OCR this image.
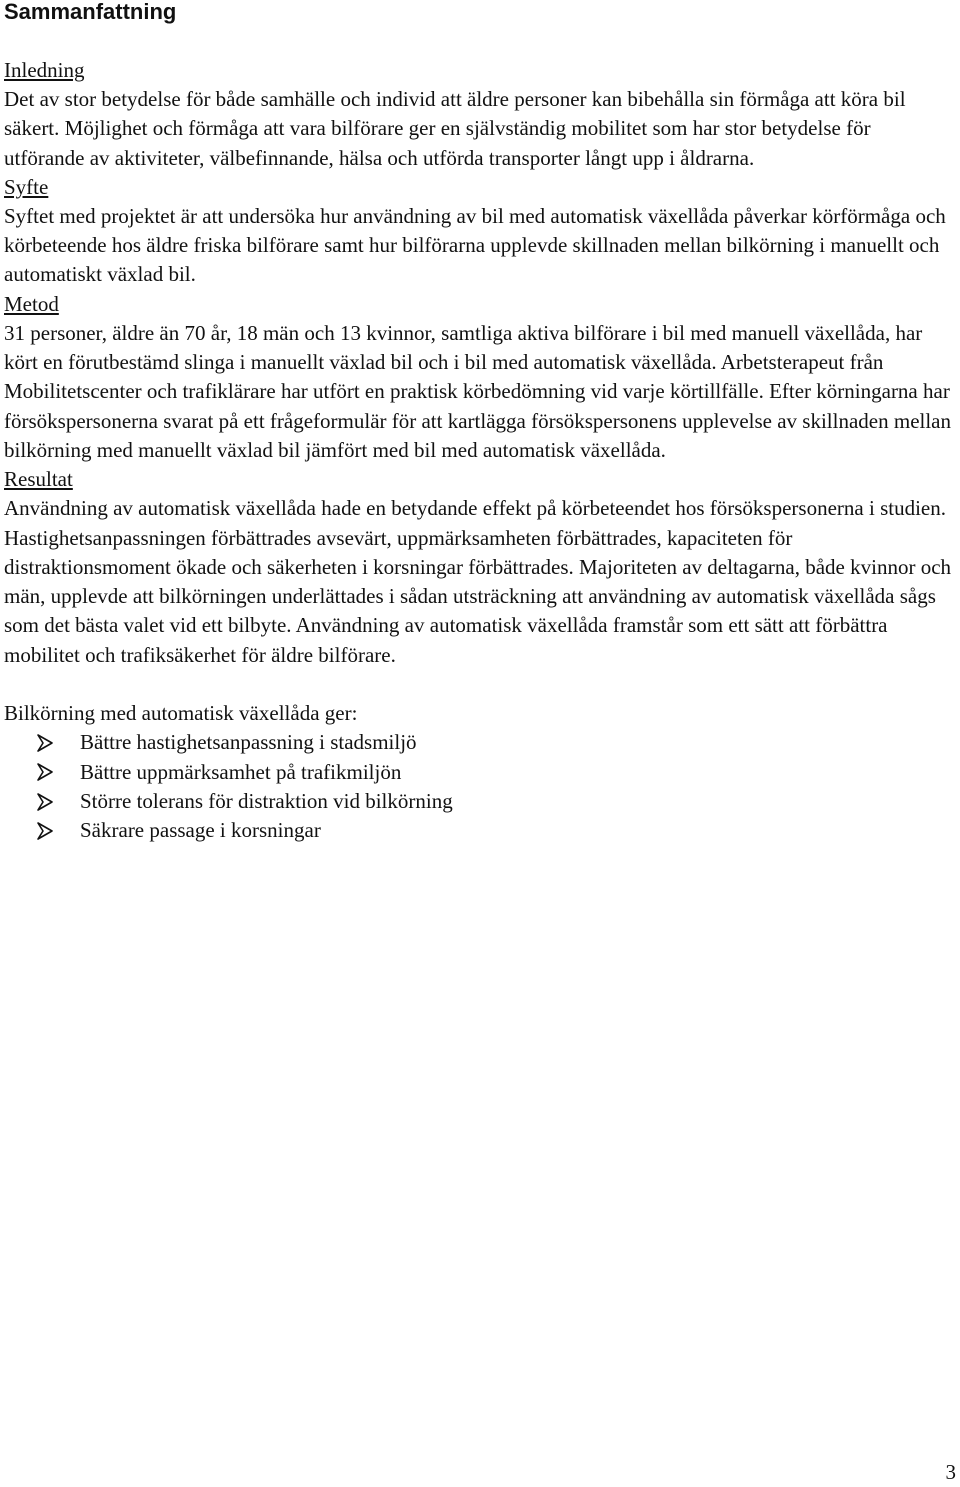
Sammanfattning
Inledning

Det av stor betydelse för både samhälle och individ att äldre personer kan bibehålla sin förmåga att köra bil säkert. Möjlighet och förmåga att vara bilförare ger en självständig mobilitet som har stor betydelse för utförande av aktiviteter, välbefinnande, hälsa och utförda transporter långt upp i åldrarna.

Syfte

Syftet med projektet är att undersöka hur användning av bil med automatisk växellåda påverkar körförmåga och körbeteende hos äldre friska bilförare samt hur bilförarna upplevde skillnaden mellan bilkörning i manuellt och automatiskt växlad bil.

Metod

31 personer, äldre än 70 år, 18 män och 13 kvinnor, samtliga aktiva bilförare i bil med manuell växellåda, har kört en förutbestämd slinga i manuellt växlad bil och i bil med automatisk växellåda. Arbetsterapeut från Mobilitetscenter och trafiklärare har utfört en praktisk körbedömning vid varje körtillfälle. Efter körningarna har försökspersonerna svarat på ett frågeformulär för att kartlägga försökspersonens upplevelse av skillnaden mellan bilkörning med manuellt växlad bil jämfört med bil med automatisk växellåda.

Resultat

Användning av automatisk växellåda hade en betydande effekt på körbeteendet hos försökspersonerna i studien. Hastighetsanpassningen förbättrades avsevärt, uppmärksamheten förbättrades, kapaciteten för distraktionsmoment ökade och säkerheten i korsningar förbättrades. Majoriteten av deltagarna, både kvinnor och män, upplevde att bilkörningen underlättades i sådan utsträckning att användning av automatisk växellåda sågs som det bästa valet vid ett bilbyte. Användning av automatisk växellåda framstår som ett sätt att förbättra mobilitet och trafiksäkerhet för äldre bilförare.

Bilkörning med automatisk växellåda ger:

Bättre hastighetsanpassning i stadsmiljö
Bättre uppmärksamhet på trafikmiljön
Större tolerans för distraktion vid bilkörning
Säkrare passage i korsningar
3
